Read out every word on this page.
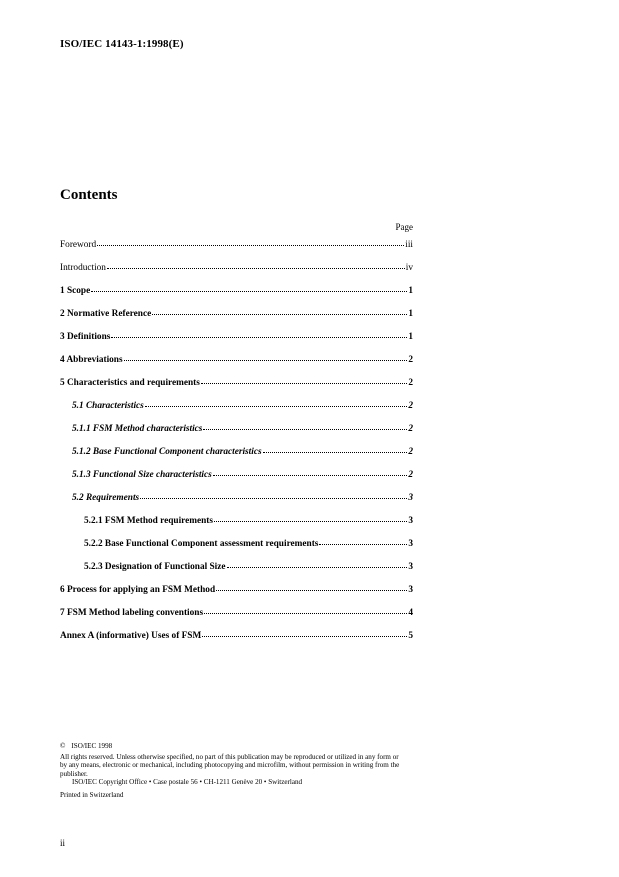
ISO/IEC 14143-1:1998(E)
Contents
Page
Foreword	iii
Introduction	iv
1 Scope	1
2 Normative Reference	1
3 Definitions	1
4 Abbreviations	2
5 Characteristics and requirements	2
5.1 Characteristics	2
5.1.1 FSM Method characteristics	2
5.1.2 Base Functional Component characteristics	2
5.1.3 Functional Size characteristics	2
5.2 Requirements	3
5.2.1 FSM Method requirements	3
5.2.2 Base Functional Component assessment requirements	3
5.2.3 Designation of Functional Size	3
6 Process for applying an FSM Method	3
7 FSM Method labeling conventions	4
Annex A (informative) Uses of FSM	5

© ISO/IEC 1998

All rights reserved. Unless otherwise specified, no part of this publication may be reproduced or utilized in any form or by any means, electronic or mechanical, including photocopying and microfilm, without permission in writing from the publisher.

ISO/IEC Copyright Office • Case postale 56 • CH-1211 Genève 20 • Switzerland

Printed in Switzerland

ii
